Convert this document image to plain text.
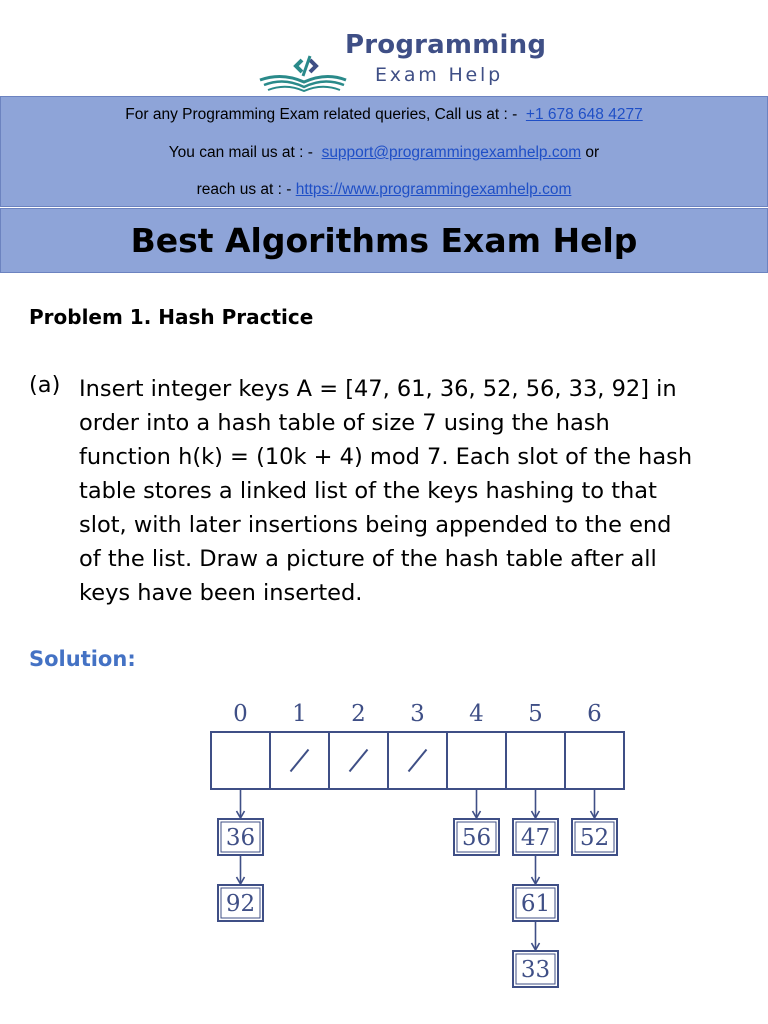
Programming
Exam Help
For any Programming Exam related queries, Call us at : - +1 678 648 4277
You can mail us at : - support@programmingexamhelp.com or
reach us at : - https://www.programmingexamhelp.com
Best Algorithms Exam Help
Problem 1. Hash Practice
(a) Insert integer keys A = [47, 61, 36, 52, 56, 33, 92] in
order into a hash table of size 7 using the hash
function h(k) = (10k + 4) mod 7. Each slot of the hash
table stores a linked list of the keys hashing to that
slot, with later insertions being appended to the end
of the list. Draw a picture of the hash table after all
keys have been inserted.
Solution:
0 1 2 3 4 5 6
36
92
56 47
61
33
52
